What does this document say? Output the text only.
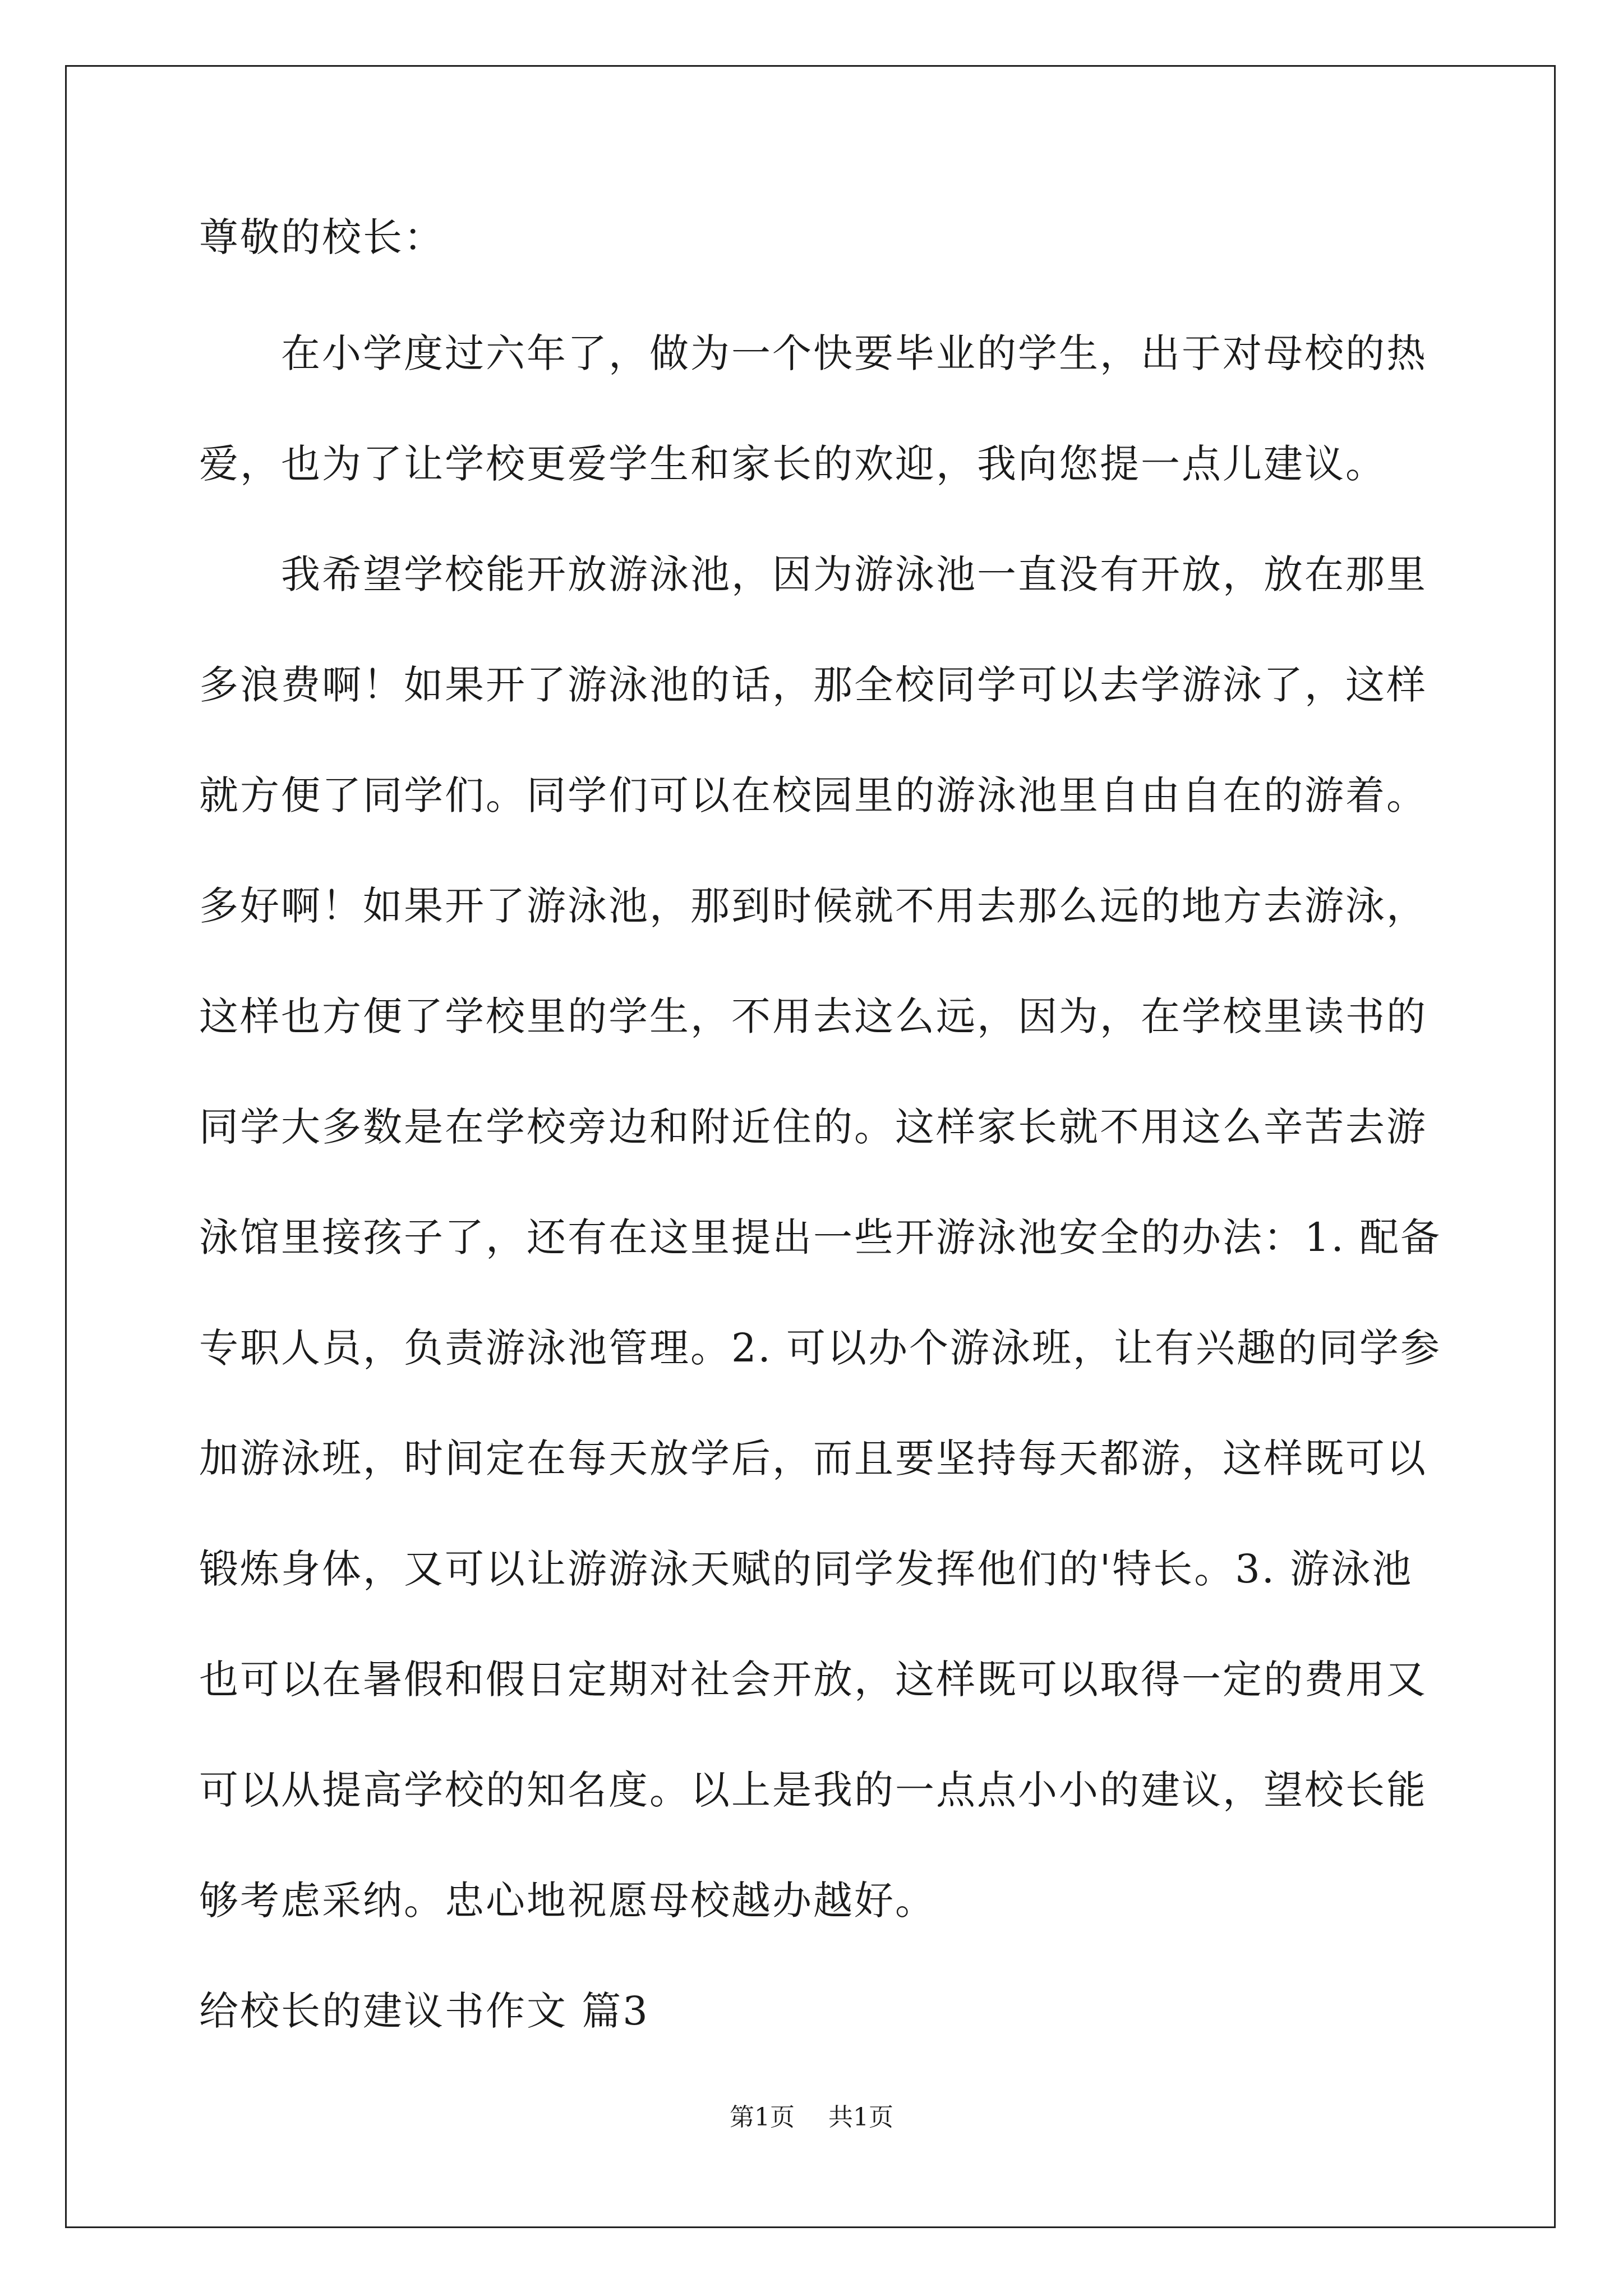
尊敬的校长：
在小学度过六年了，做为一个快要毕业的学生，出于对母校的热
爱，也为了让学校更爱学生和家长的欢迎，我向您提一点儿建议。
我希望学校能开放游泳池，因为游泳池一直没有开放，放在那里
多浪费啊！如果开了游泳池的话，那全校同学可以去学游泳了，这样
就方便了同学们。同学们可以在校园里的游泳池里自由自在的游着。
多好啊！如果开了游泳池，那到时候就不用去那么远的地方去游泳，
这样也方便了学校里的学生，不用去这么远，因为，在学校里读书的
同学大多数是在学校旁边和附近住的。这样家长就不用这么辛苦去游
泳馆里接孩子了，还有在这里提出一些开游泳池安全的办法：1. 配备
专职人员，负责游泳池管理。2. 可以办个游泳班，让有兴趣的同学参
加游泳班，时间定在每天放学后，而且要坚持每天都游，这样既可以
锻炼身体，又可以让游游泳天赋的同学发挥他们的'特长。3. 游泳池
也可以在暑假和假日定期对社会开放，这样既可以取得一定的费用又
可以从提高学校的知名度。以上是我的一点点小小的建议，望校长能
够考虑采纳。忠心地祝愿母校越办越好。
给校长的建议书作文 篇3
第1页 共1页
